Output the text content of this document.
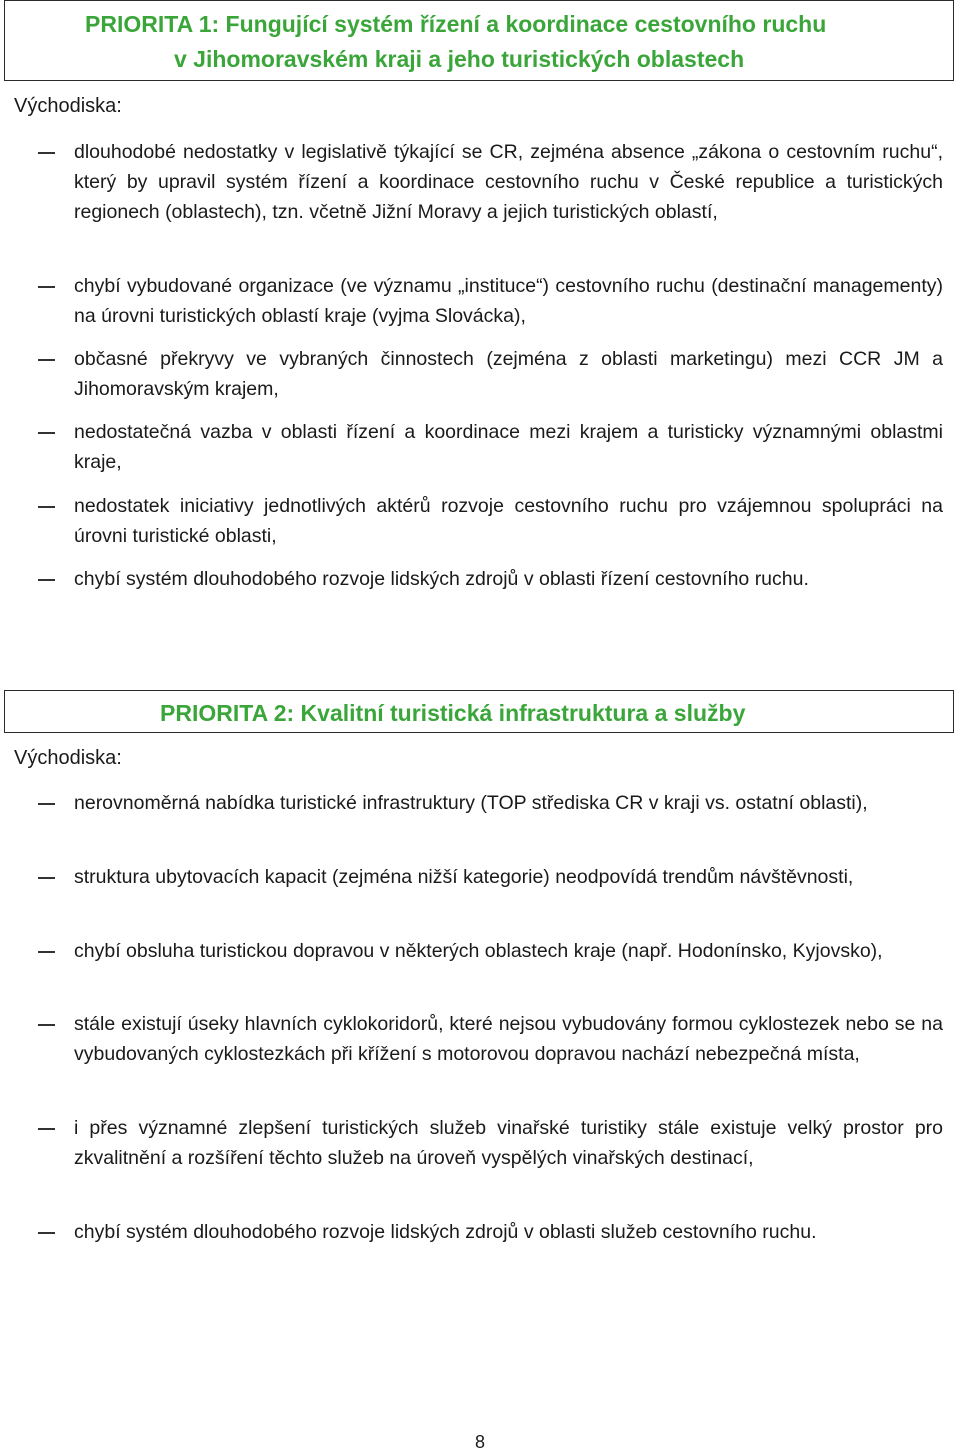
PRIORITA 1: Fungující systém řízení a koordinace cestovního ruchu
v Jihomoravském kraji a jeho turistických oblastech
Východiska:
dlouhodobé nedostatky v legislativě týkající se CR, zejména absence „zákona o cestovním ruchu“, který by upravil systém řízení a koordinace cestovního ruchu v České republice a turistických regionech (oblastech), tzn. včetně Jižní Moravy a jejich turistických oblastí,
chybí vybudované organizace (ve významu „instituce“) cestovního ruchu (destinační managementy) na úrovni turistických oblastí kraje (vyjma Slovácka),
občasné překryvy ve vybraných činnostech (zejména z oblasti marketingu) mezi CCR JM a Jihomoravským krajem,
nedostatečná vazba v oblasti řízení a koordinace mezi krajem a turisticky významnými oblastmi kraje,
nedostatek iniciativy jednotlivých aktérů rozvoje cestovního ruchu pro vzájemnou spolupráci na úrovni turistické oblasti,
chybí systém dlouhodobého rozvoje lidských zdrojů v oblasti řízení cestovního ruchu.
PRIORITA 2: Kvalitní turistická infrastruktura a služby
Východiska:
nerovnoměrná nabídka turistické infrastruktury (TOP střediska CR v kraji vs. ostatní oblasti),
struktura ubytovacích kapacit (zejména nižší kategorie) neodpovídá trendům návštěvnosti,
chybí obsluha turistickou dopravou v některých oblastech kraje (např. Hodonínsko, Kyjovsko),
stále existují úseky hlavních cyklokoridorů, které nejsou vybudovány formou cyklostezek nebo se na vybudovaných cyklostezkách při křížení s motorovou dopravou nachází nebezpečná místa,
i přes významné zlepšení turistických služeb vinařské turistiky stále existuje velký prostor pro zkvalitnění a rozšíření těchto služeb na úroveň vyspělých vinařských destinací,
chybí systém dlouhodobého rozvoje lidských zdrojů v oblasti služeb cestovního ruchu.
8
